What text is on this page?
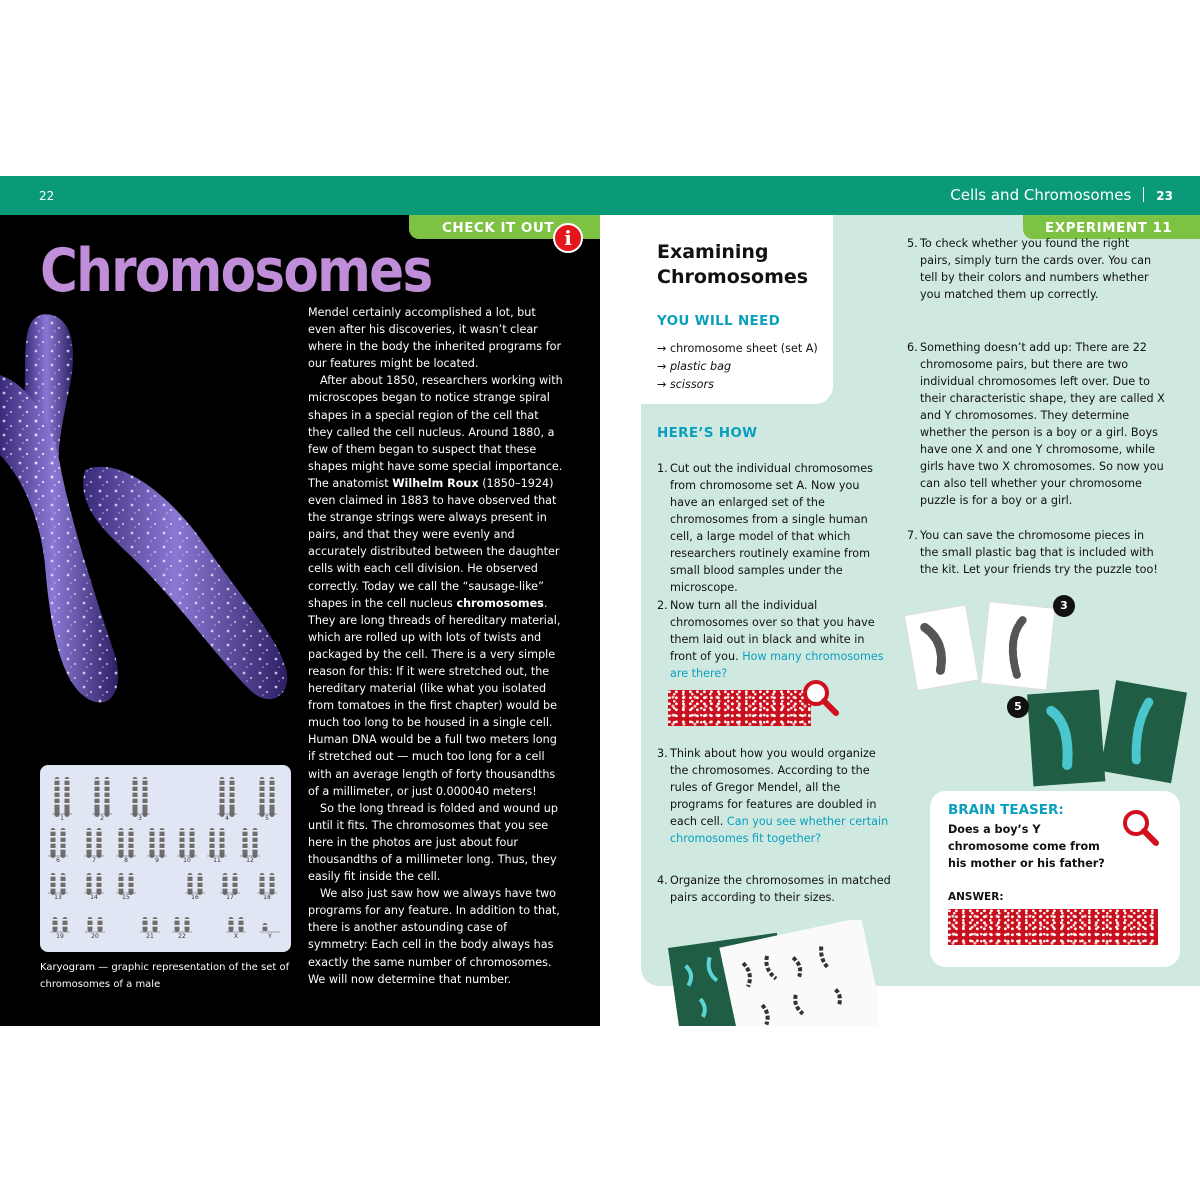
22	Cells and Chromosomes 23
CHECK IT OUT i
Chromosomes

Mendel certainly accomplished a lot, but even after his discoveries, it wasn’t clear where in the body the inherited programs for our features might be located.

After about 1850, researchers working with microscopes began to notice strange spiral shapes in a special region of the cell that they called the cell nucleus. Around 1880, a few of them began to suspect that these shapes might have some special importance. The anatomist Wilhelm Roux (1850–1924) even claimed in 1883 to have observed that the strange strings were always present in pairs, and that they were evenly and accurately distributed between the daughter cells with each cell division. He observed correctly. Today we call the “sausage-like” shapes in the cell nucleus chromosomes. They are long threads of hereditary material, which are rolled up with lots of twists and packaged by the cell. There is a very simple reason for this: If it were stretched out, the hereditary material (like what you isolated from tomatoes in the first chapter) would be much too long to be housed in a single cell. Human DNA would be a full two meters long if stretched out — much too long for a cell with an average length of forty thousandths of a millimeter, or just 0.000040 meters!

So the long thread is folded and wound up until it fits. The chromosomes that you see here in the photos are just about four thousandths of a millimeter long. Thus, they easily fit inside the cell.

We also just saw how we always have two programs for any feature. In addition to that, there is another astounding case of symmetry: Each cell in the body always has exactly the same number of chromosomes. We will now determine that number.

1	2	3	4	5
6	7	8	9	10	11	12
13	14	15	16	17	18
19	20	21	22	X	Y
Karyogram — graphic representation of the set of chromosomes of a male
EXPERIMENT 11
Examining
Chromosomes
YOU WILL NEED
→ chromosome sheet (set A)
→ plastic bag
→ scissors
HERE’S HOW
1. Cut out the individual chromosomes from chromosome set A. Now you have an enlarged set of the chromosomes from a single human cell, a large model of that which researchers routinely examine from small blood samples under the microscope.
2. Now turn all the individual chromosomes over so that you have them laid out in black and white in front of you. How many chromosomes are there?
3. Think about how you would organize the chromosomes. According to the rules of Gregor Mendel, all the programs for features are doubled in each cell. Can you see whether certain chromosomes fit together?
4. Organize the chromosomes in matched pairs according to their sizes.
5. To check whether you found the right pairs, simply turn the cards over. You can tell by their colors and numbers whether you matched them up correctly.
6. Something doesn’t add up: There are 22 chromosome pairs, but there are two individual chromosomes left over. Due to their characteristic shape, they are called X and Y chromosomes. They determine whether the person is a boy or a girl. Boys have one X and one Y chromosome, while girls have two X chromosomes. So now you can also tell whether your chromosome puzzle is for a boy or a girl.
7. You can save the chromosome pieces in the small plastic bag that is included with the kit. Let your friends try the puzzle too!
3
5
BRAIN TEASER:
Does a boy’s Y chromosome come from his mother or his father?
ANSWER:
